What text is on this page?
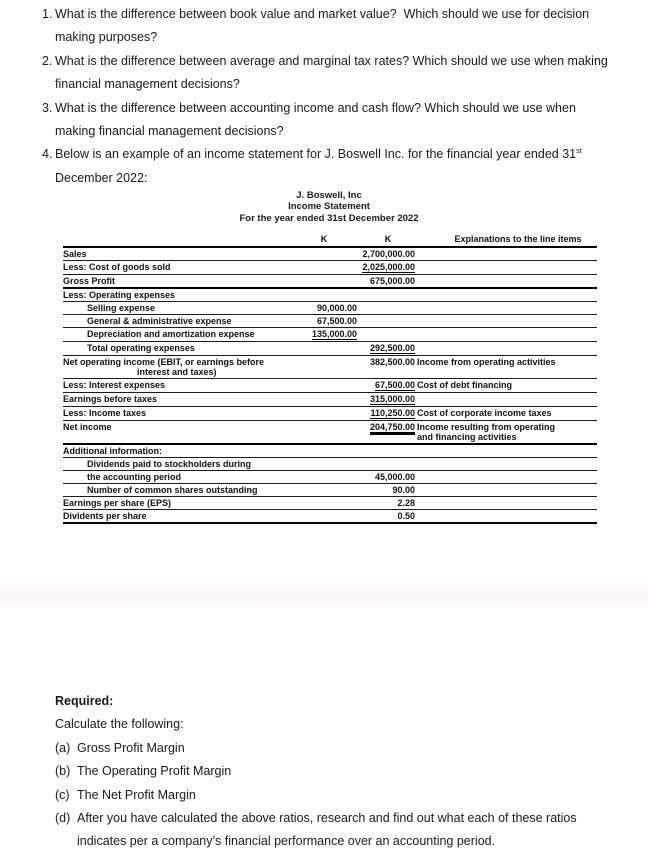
1. What is the difference between book value and market value?  Which should we use for decision
making purposes?
2. What is the difference between average and marginal tax rates? Which should we use when making
financial management decisions?
3. What is the difference between accounting income and cash flow? Which should we use when
making financial management decisions?
4. Below is an example of an income statement for J. Boswell Inc. for the financial year ended 31st
December 2022:
J. Boswell, Inc
Income Statement
For the year ended 31st December 2022
	K	K	Explanations to the line items
Sales		2,700,000.00	
Less: Cost of goods sold		2,025,000.00	
Gross Profit		675,000.00	
Less: Operating expenses			
Selling expense	90,000.00		
General & administrative expense	67,500.00		
Depreciation and amortization expense	135,000.00		
Total operating expenses		292,500.00	
Net operating income (EBIT, or earnings before
interest and taxes)		382,500.00	Income from operating activities

Less: Interest expenses		67,500.00	Cost of debt financing

Earnings before taxes		315,000.00	
Less: Income taxes		110,250.00	Cost of corporate income taxes

Net income		204,750.00	Income resulting from operating
and financing activities

Additional information:			
Dividends paid to stockholders during			
the accounting period		45,000.00	
Number of common shares outstanding		90.00	
Earnings per share (EPS)		2.28	
Dividents per share		0.50	
Required:
Calculate the following:
(a) Gross Profit Margin
(b) The Operating Profit Margin
(c) The Net Profit Margin
(d) After you have calculated the above ratios, research and find out what each of these ratios
indicates per a company’s financial performance over an accounting period.
